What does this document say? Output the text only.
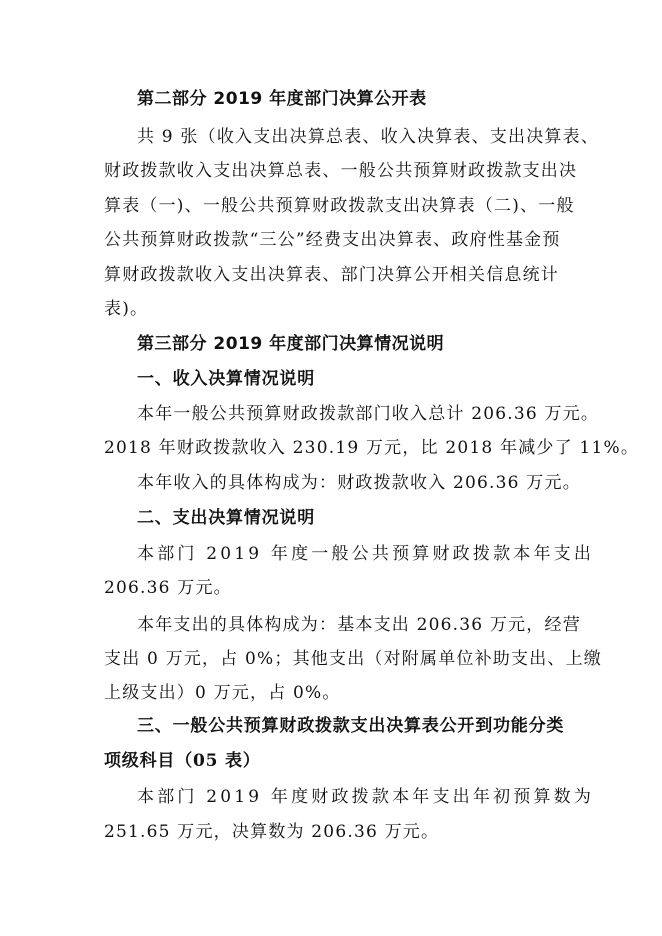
第二部分 2019 年度部门决算公开表
共 9 张（收入支出决算总表、收入决算表、支出决算表、
财政拨款收入支出决算总表、一般公共预算财政拨款支出决
算表（一)、一般公共预算财政拨款支出决算表（二)、一般
公共预算财政拨款“三公”经费支出决算表、政府性基金预
算财政拨款收入支出决算表、部门决算公开相关信息统计
表)。
第三部分 2019 年度部门决算情况说明
一、收入决算情况说明
本年一般公共预算财政拨款部门收入总计 206.36 万元。
2018 年财政拨款收入 230.19 万元，比 2018 年减少了 11%。
本年收入的具体构成为：财政拨款收入 206.36 万元。
二、支出决算情况说明
本部门 2019 年度一般公共预算财政拨款本年支出
206.36 万元。
本年支出的具体构成为：基本支出 206.36 万元，经营
支出 0 万元，占 0%；其他支出（对附属单位补助支出、上缴
上级支出）0 万元，占 0%。
三、一般公共预算财政拨款支出决算表公开到功能分类
项级科目（05 表）
本部门 2019 年度财政拨款本年支出年初预算数为
251.65 万元，决算数为 206.36 万元。
